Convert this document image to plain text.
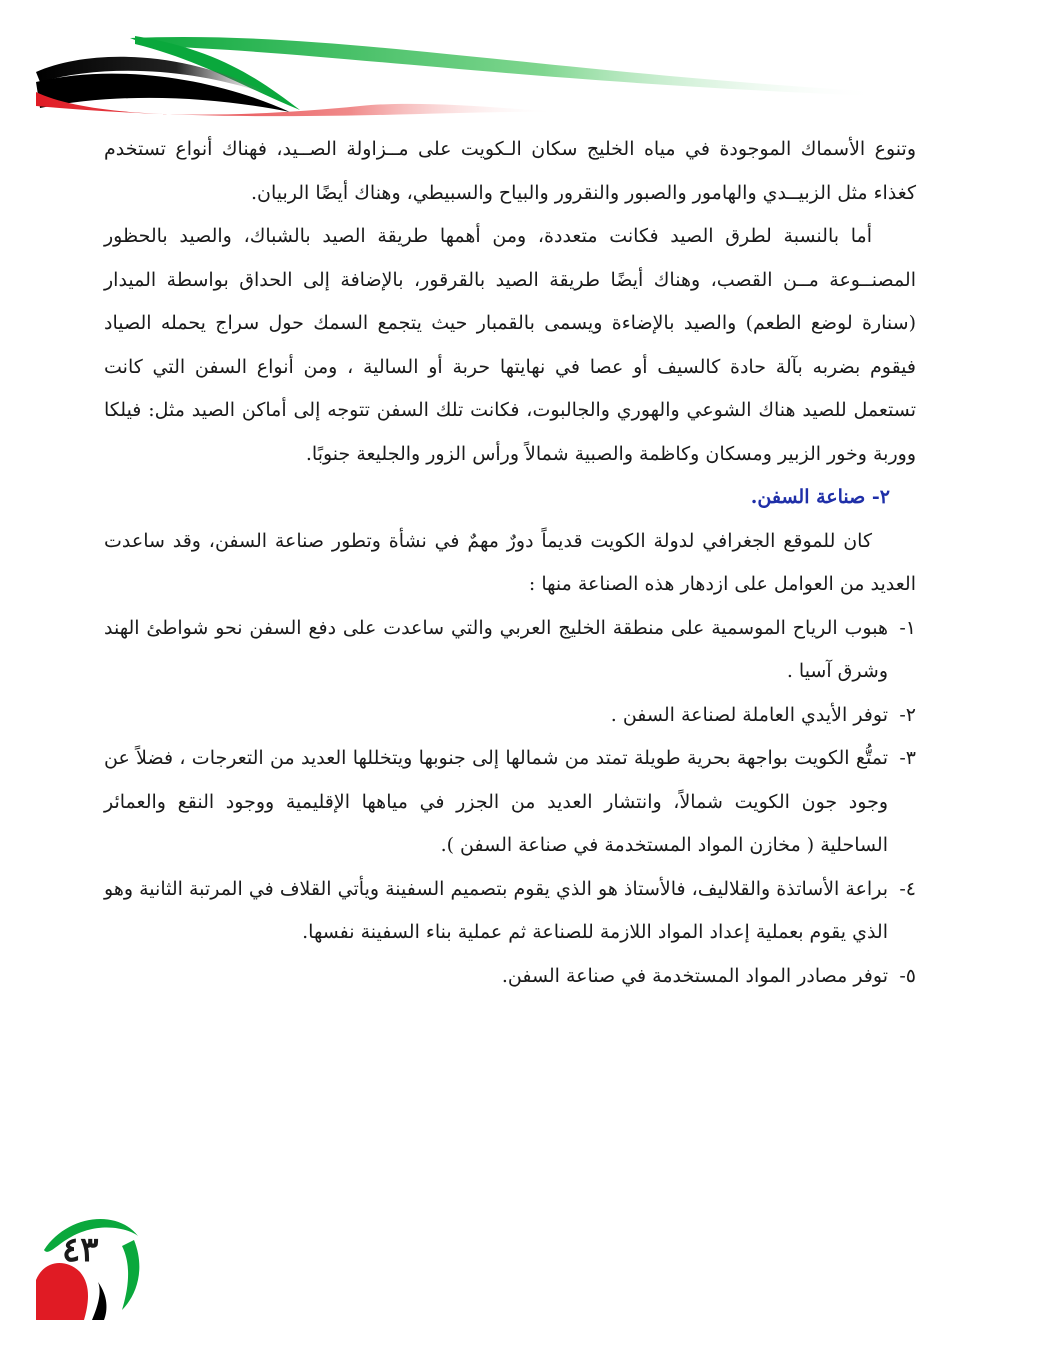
وتنوع الأسماك الموجودة في مياه الخليج سكان الـكويت على مــزاولة الصــيد، فهناك أنواع تستخدم كغذاء مثل الزبيــدي والهامور والصبور والنقرور والبياح والسبيطي، وهناك أيضًا الربيان.

أما بالنسبة لطرق الصيد فكانت متعددة، ومن أهمها طريقة الصيد بالشباك، والصيد بالحظور المصنــوعة مــن القصب، وهناك أيضًا طريقة الصيد بالقرقور، بالإضافة إلى الحداق بواسطة الميدار (سنارة لوضع الطعم) والصيد بالإضاءة ويسمى بالقمبار حيث يتجمع السمك حول سراج يحمله الصياد فيقوم بضربه بآلة حادة كالسيف أو عصا في نهايتها حربة أو السالية ، ومن أنواع السفن التي كانت تستعمل للصيد هناك الشوعي والهوري والجالبوت، فكانت تلك السفن تتوجه إلى أماكن الصيد مثل: فيلكا ووربة وخور الزبير ومسكان وكاظمة والصبية شمالاً ورأس الزور والجليعة جنوبًا.

٢- صناعة السفن.

كان للموقع الجغرافي لدولة الكويت قديماً دورٌ مهمٌ في نشأة وتطور صناعة السفن، وقد ساعدت العديد من العوامل على ازدهار هذه الصناعة منها :

١-
هبوب الرياح الموسمية على منطقة الخليج العربي والتي ساعدت على دفع السفن نحو شواطئ الهند وشرق آسيا .
٢-
توفر الأيدي العاملة لصناعة السفن .
٣-
تمتُّع الكويت بواجهة بحرية طويلة تمتد من شمالها إلى جنوبها ويتخللها العديد من التعرجات ، فضلاً عن وجود جون الكويت شمالاً، وانتشار العديد من الجزر في مياهها الإقليمية ووجود النقع والعمائر الساحلية ( مخازن المواد المستخدمة في صناعة السفن ).
٤-
براعة الأساتذة والقلاليف، فالأستاذ هو الذي يقوم بتصميم السفينة ويأتي القلاف في المرتبة الثانية وهو الذي يقوم بعملية إعداد المواد اللازمة للصناعة ثم عملية بناء السفينة نفسها.
٥-
توفر مصادر المواد المستخدمة في صناعة السفن.
٤٣
